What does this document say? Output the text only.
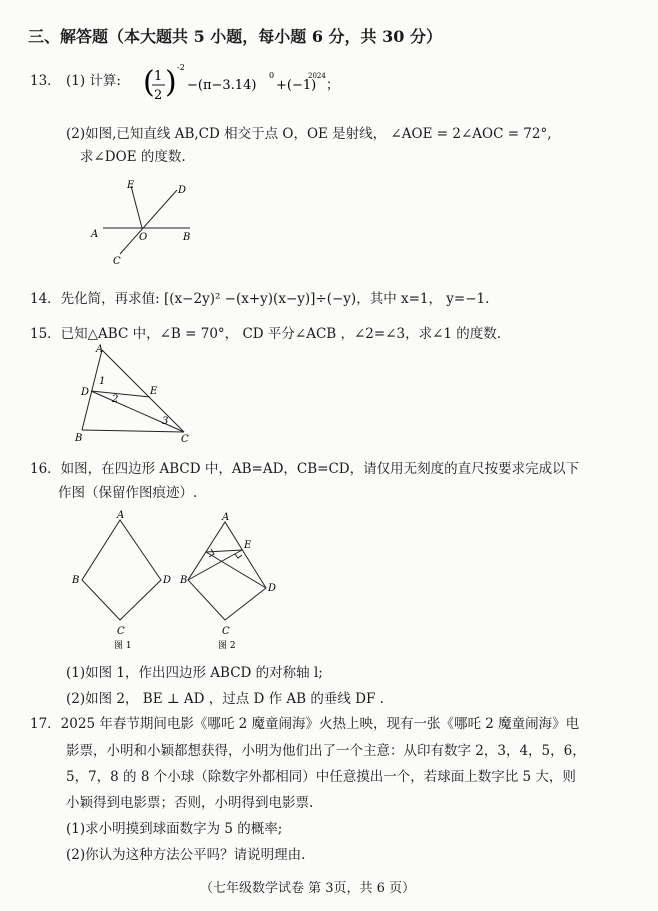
三、解答题（本大题共 5 小题，每小题 6 分，共 30 分）
13． (1) 计算: ( 1
2 ) -2
−(π−3.14)
0
+(−1)
2024
；
(2)如图,已知直线 AB,CD 相交于点 O，OE 是射线， ∠AOE = 2∠AOC = 72°,
求∠DOE 的度数.
E	D
A	O	B
C
14．先化简，再求值: [(x−2y)² −(x+y)(x−y)]÷(−y)，其中 x=1， y=−1.
15．已知△ABC 中，∠B = 70°， CD 平分∠ACB ，∠2=∠3，求∠1 的度数.
A
D	E
B	C
1
2
3
16．如图，在四边形 ABCD 中，AB=AD，CB=CD，请仅用无刻度的直尺按要求完成以下
作图（保留作图痕迹）.
A
B
C
D
图 1
A
E
B
C
D
图 2
(1)如图 1，作出四边形 ABCD 的对称轴 l;
(2)如图 2， BE ⊥ AD ，过点 D 作 AB 的垂线 DF .
17．2025 年春节期间电影《哪吒 2 魔童闹海》火热上映，现有一张《哪吒 2 魔童闹海》电
影票，小明和小颖都想获得，小明为他们出了一个主意：从印有数字 2，3，4，5，6，
5，7，8 的 8 个小球（除数字外都相同）中任意摸出一个，若球面上数字比 5 大，则
小颖得到电影票；否则，小明得到电影票.
(1)求小明摸到球面数字为 5 的概率;
(2)你认为这种方法公平吗？请说明理由.
（七年级数学试卷 第 3页，共 6 页）
